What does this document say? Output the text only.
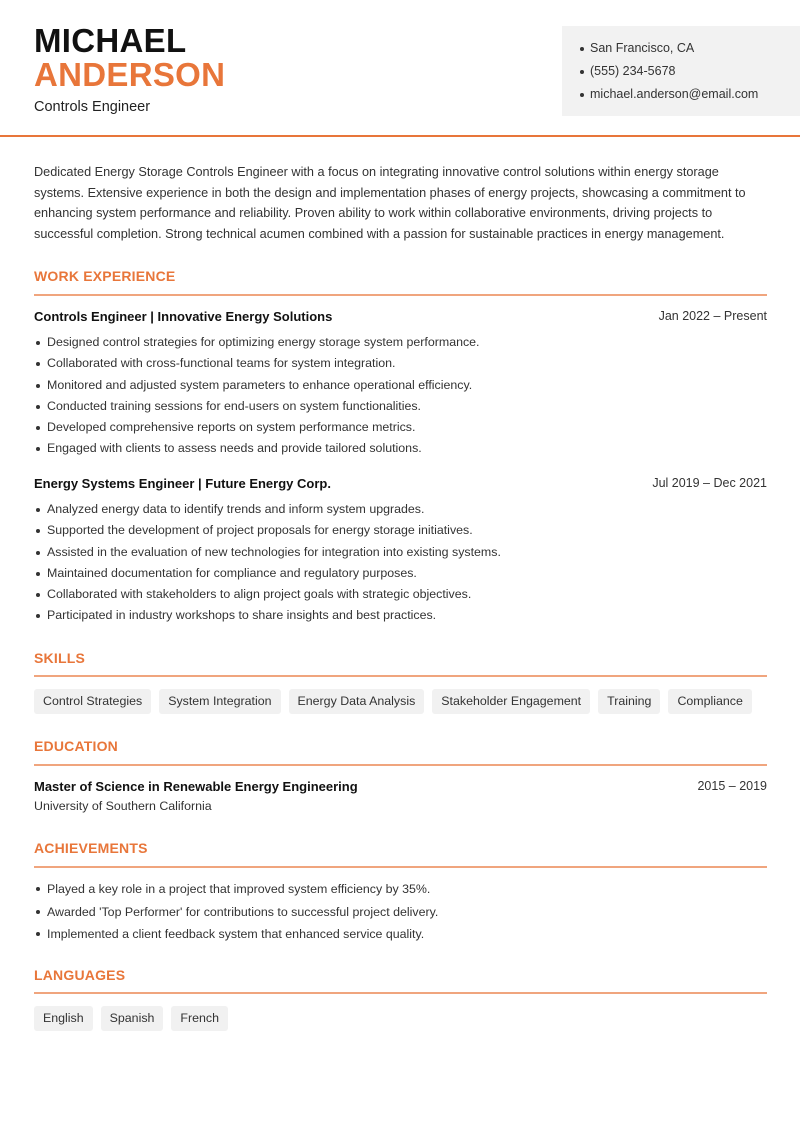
MICHAEL
ANDERSON
Controls Engineer
San Francisco, CA
(555) 234-5678
michael.anderson@email.com

Dedicated Energy Storage Controls Engineer with a focus on integrating innovative control solutions within energy storage systems. Extensive experience in both the design and implementation phases of energy projects, showcasing a commitment to enhancing system performance and reliability. Proven ability to work within collaborative environments, driving projects to successful completion. Strong technical acumen combined with a passion for sustainable practices in energy management.

WORK EXPERIENCE
Controls Engineer | Innovative Energy Solutions	Jan 2022 – Present
Designed control strategies for optimizing energy storage system performance.
Collaborated with cross-functional teams for system integration.
Monitored and adjusted system parameters to enhance operational efficiency.
Conducted training sessions for end-users on system functionalities.
Developed comprehensive reports on system performance metrics.
Engaged with clients to assess needs and provide tailored solutions.
Energy Systems Engineer | Future Energy Corp.	Jul 2019 – Dec 2021
Analyzed energy data to identify trends and inform system upgrades.
Supported the development of project proposals for energy storage initiatives.
Assisted in the evaluation of new technologies for integration into existing systems.
Maintained documentation for compliance and regulatory purposes.
Collaborated with stakeholders to align project goals with strategic objectives.
Participated in industry workshops to share insights and best practices.
SKILLS
Control Strategies	System Integration	Energy Data Analysis	Stakeholder Engagement	Training	Compliance
EDUCATION
Master of Science in Renewable Energy Engineering	2015 – 2019
University of Southern California
ACHIEVEMENTS
Played a key role in a project that improved system efficiency by 35%.
Awarded 'Top Performer' for contributions to successful project delivery.
Implemented a client feedback system that enhanced service quality.
LANGUAGES
English	Spanish	French
